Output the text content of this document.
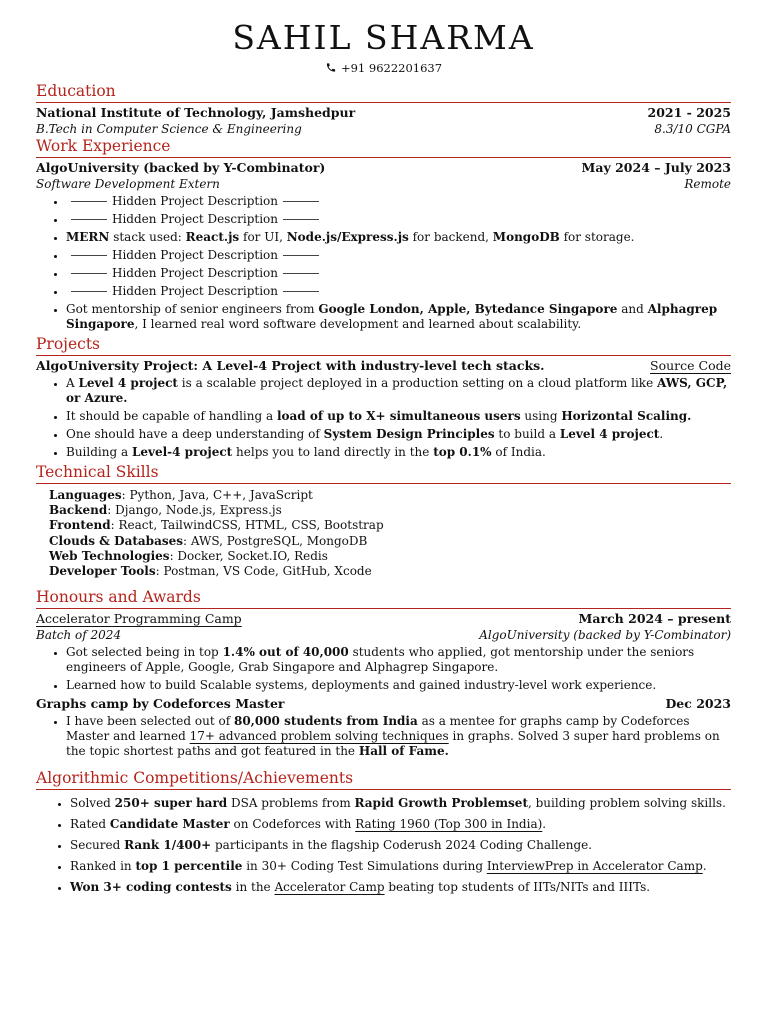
SAHIL SHARMA
+91 9622201637
Education
National Institute of Technology, Jamshedpur	2021 - 2025
B.Tech in Computer Science & Engineering	8.3/10 CGPA
Work Experience
AlgoUniversity (backed by Y-Combinator)	May 2024 – July 2023
Software Development Extern	Remote
• Hidden Project Description
• Hidden Project Description
• MERN stack used: React.js for UI, Node.js/Express.js for backend, MongoDB for storage.
• Hidden Project Description
• Hidden Project Description
• Hidden Project Description
• Got mentorship of senior engineers from Google London, Apple, Bytedance Singapore and Alphagrep Singapore, I learned real word software development and learned about scalability.
Projects
AlgoUniversity Project: A Level-4 Project with industry-level tech stacks.	Source Code
• A Level 4 project is a scalable project deployed in a production setting on a cloud platform like AWS, GCP, or Azure.
• It should be capable of handling a load of up to X+ simultaneous users using Horizontal Scaling.
• One should have a deep understanding of System Design Principles to build a Level 4 project.
• Building a Level-4 project helps you to land directly in the top 0.1% of India.
Technical Skills
Languages: Python, Java, C++, JavaScript
Backend: Django, Node.js, Express.js
Frontend: React, TailwindCSS, HTML, CSS, Bootstrap
Clouds & Databases: AWS, PostgreSQL, MongoDB
Web Technologies: Docker, Socket.IO, Redis
Developer Tools: Postman, VS Code, GitHub, Xcode
Honours and Awards
Accelerator Programming Camp	March 2024 – present
Batch of 2024	AlgoUniversity (backed by Y-Combinator)
• Got selected being in top 1.4% out of 40,000 students who applied, got mentorship under the seniors engineers of Apple, Google, Grab Singapore and Alphagrep Singapore.
• Learned how to build Scalable systems, deployments and gained industry-level work experience.
Graphs camp by Codeforces Master	Dec 2023
• I have been selected out of 80,000 students from India as a mentee for graphs camp by Codeforces Master and learned 17+ advanced problem solving techniques in graphs. Solved 3 super hard problems on the topic shortest paths and got featured in the Hall of Fame.
Algorithmic Competitions/Achievements
• Solved 250+ super hard DSA problems from Rapid Growth Problemset, building problem solving skills.
• Rated Candidate Master on Codeforces with Rating 1960 (Top 300 in India).
• Secured Rank 1/400+ participants in the flagship Coderush 2024 Coding Challenge.
• Ranked in top 1 percentile in 30+ Coding Test Simulations during InterviewPrep in Accelerator Camp.
• Won 3+ coding contests in the Accelerator Camp beating top students of IITs/NITs and IIITs.
